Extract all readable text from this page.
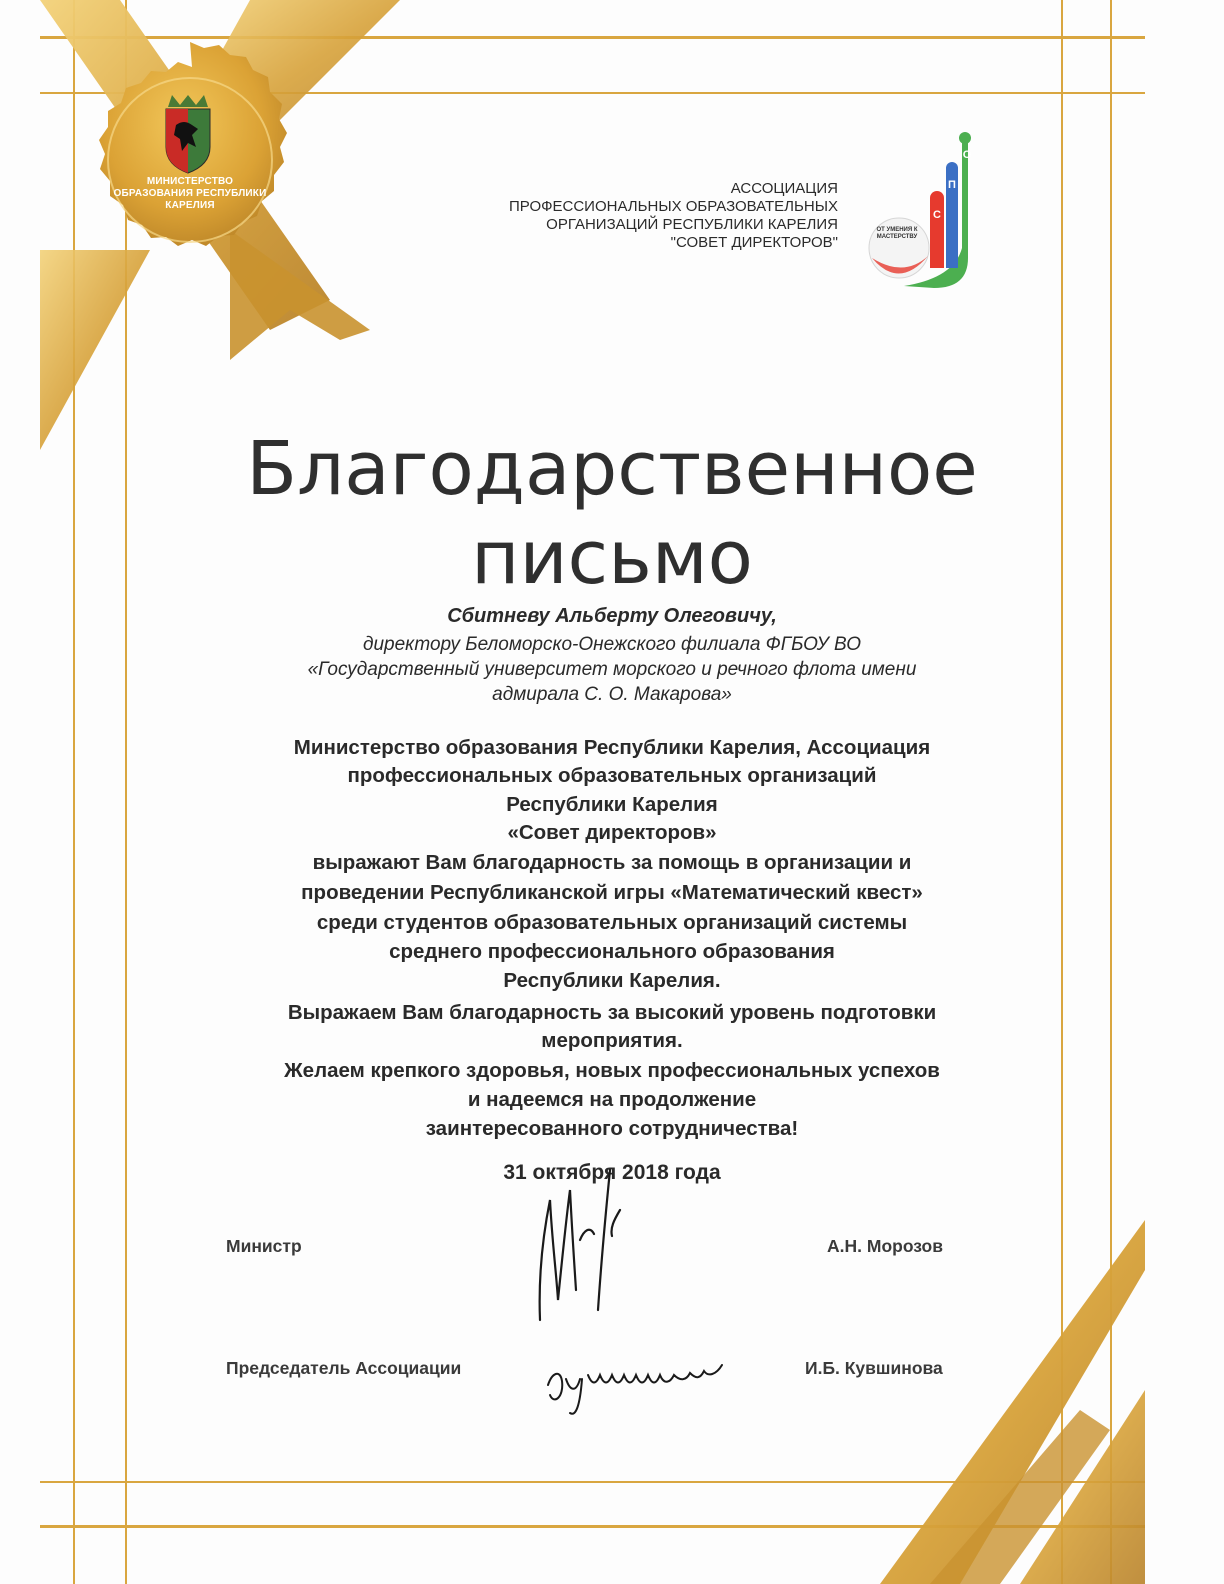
МИНИСТЕРСТВО ОБРАЗОВАНИЯ РЕСПУБЛИКИ КАРЕЛИЯ
АССОЦИАЦИЯ
ПРОФЕССИОНАЛЬНЫХ ОБРАЗОВАТЕЛЬНЫХ
ОРГАНИЗАЦИЙ РЕСПУБЛИКИ КАРЕЛИЯ
"СОВЕТ ДИРЕКТОРОВ"
О
П
С
ОТ УМЕНИЯ К МАСТЕРСТВУ
Благодарственное
письмо
Сбитневу Альберту Олеговичу,
директору Беломорско-Онежского филиала ФГБОУ ВО
«Государственный университет морского и речного флота имени
адмирала С. О. Макарова»
Министерство образования Республики Карелия, Ассоциация
профессиональных образовательных организаций
Республики Карелия
«Совет директоров»
выражают Вам благодарность за помощь в организации и
проведении Республиканской игры «Математический квест»
среди студентов образовательных организаций системы
среднего профессионального образования
Республики Карелия.
Выражаем Вам благодарность за высокий уровень подготовки
мероприятия.
Желаем крепкого здоровья, новых профессиональных успехов
и надеемся на продолжение
заинтересованного сотрудничества!
31 октября 2018 года
Министр	А.Н. Морозов
Председатель Ассоциации	И.Б. Кувшинова
